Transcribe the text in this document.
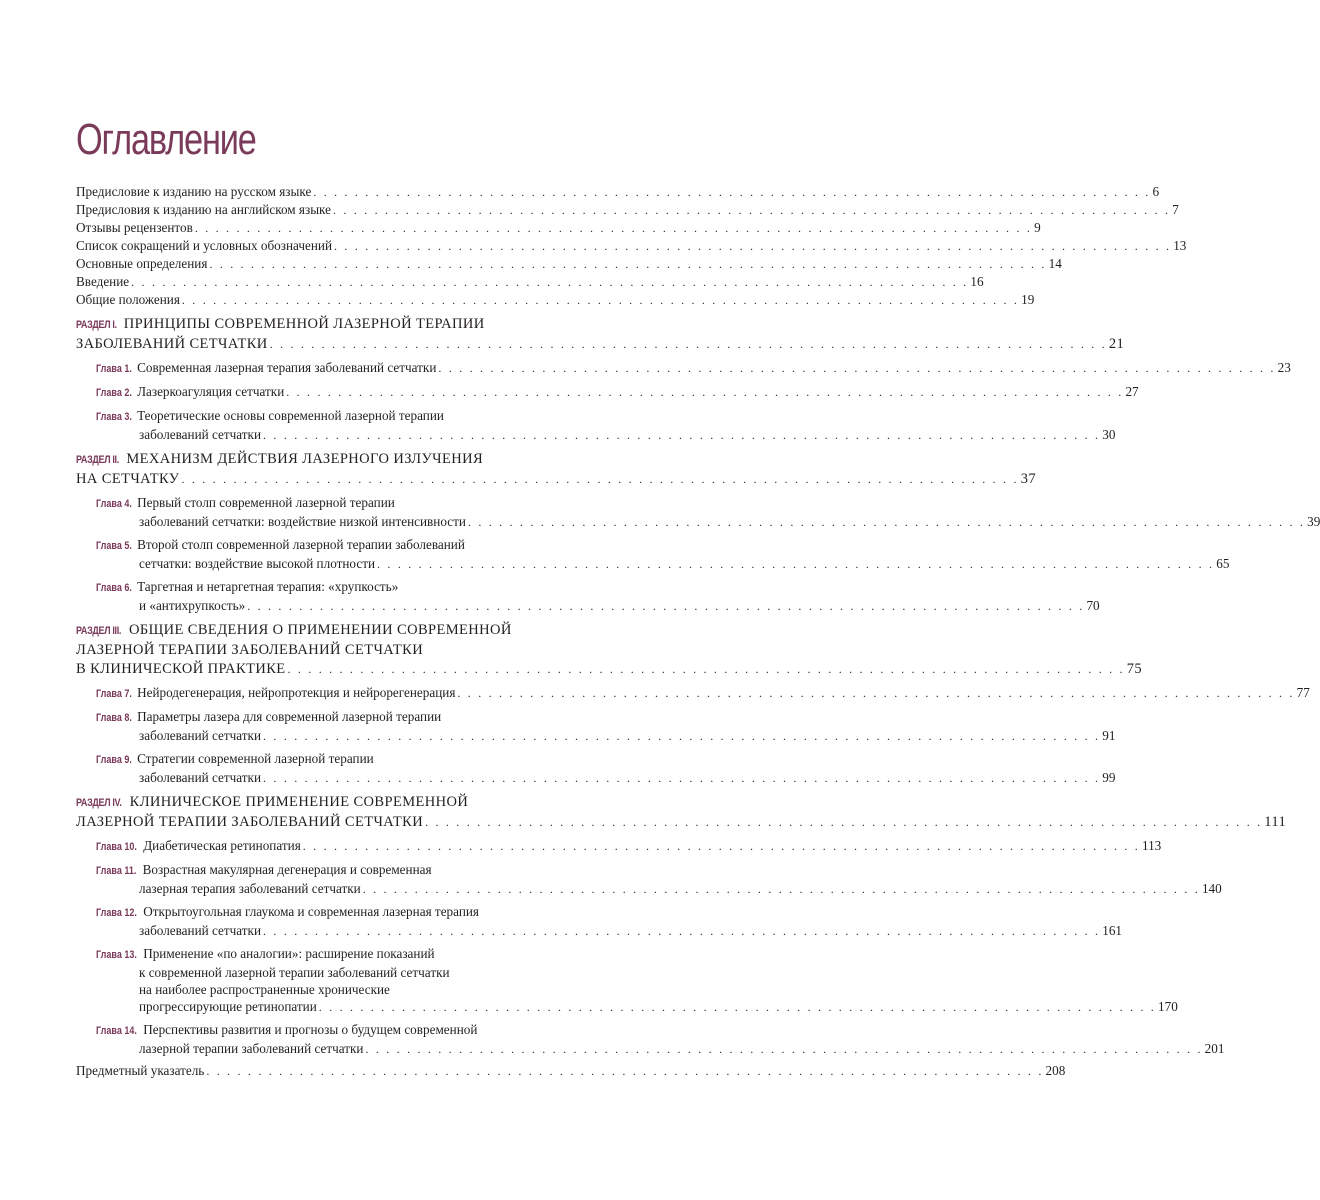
Оглавление
Предисловие к изданию на русском языке . . . . . . . . . . . . . . . . . . . . . . . . . . . . . . . . . . . . . . . . . . . . . . . . . . . . . . . . . . . . . . . . . . . . . . . . . . . . . . . . . 6
Предисловия к изданию на английском языке . . . . . . . . . . . . . . . . . . . . . . . . . . . . . . . . . . . . . . . . . . . . . . . . . . . . . . . . . . . . . . . . . . . . . . . . . . . . . . . . . 7
Отзывы рецензентов . . . . . . . . . . . . . . . . . . . . . . . . . . . . . . . . . . . . . . . . . . . . . . . . . . . . . . . . . . . . . . . . . . . . . . . . . . . . . . . . . 9
Список сокращений и условных обозначений . . . . . . . . . . . . . . . . . . . . . . . . . . . . . . . . . . . . . . . . . . . . . . . . . . . . . . . . . . . . . . . . . . . . . . . . . . . . . . . . . 13
Основные определения . . . . . . . . . . . . . . . . . . . . . . . . . . . . . . . . . . . . . . . . . . . . . . . . . . . . . . . . . . . . . . . . . . . . . . . . . . . . . . . . . 14
Введение . . . . . . . . . . . . . . . . . . . . . . . . . . . . . . . . . . . . . . . . . . . . . . . . . . . . . . . . . . . . . . . . . . . . . . . . . . . . . . . . . 16
Общие положения . . . . . . . . . . . . . . . . . . . . . . . . . . . . . . . . . . . . . . . . . . . . . . . . . . . . . . . . . . . . . . . . . . . . . . . . . . . . . . . . . 19
РАЗДЕЛ I. ПРИНЦИПЫ СОВРЕМЕННОЙ ЛАЗЕРНОЙ ТЕРАПИИ
ЗАБОЛЕВАНИЙ СЕТЧАТКИ . . . . . . . . . . . . . . . . . . . . . . . . . . . . . . . . . . . . . . . . . . . . . . . . . . . . . . . . . . . . . . . . . . . . . . . . . . . . . . . . . 21
Глава 1. Современная лазерная терапия заболеваний сетчатки . . . . . . . . . . . . . . . . . . . . . . . . . . . . . . . . . . . . . . . . . . . . . . . . . . . . . . . . . . . . . . . . . . . . . . . . . . . . . . . . . 23
Глава 2. Лазеркоагуляция сетчатки . . . . . . . . . . . . . . . . . . . . . . . . . . . . . . . . . . . . . . . . . . . . . . . . . . . . . . . . . . . . . . . . . . . . . . . . . . . . . . . . . 27
Глава 3. Теоретические основы современной лазерной терапии
заболеваний сетчатки . . . . . . . . . . . . . . . . . . . . . . . . . . . . . . . . . . . . . . . . . . . . . . . . . . . . . . . . . . . . . . . . . . . . . . . . . . . . . . . . . 30
РАЗДЕЛ II. МЕХАНИЗМ ДЕЙСТВИЯ ЛАЗЕРНОГО ИЗЛУЧЕНИЯ
НА СЕТЧАТКУ . . . . . . . . . . . . . . . . . . . . . . . . . . . . . . . . . . . . . . . . . . . . . . . . . . . . . . . . . . . . . . . . . . . . . . . . . . . . . . . . . 37
Глава 4. Первый столп современной лазерной терапии
заболеваний сетчатки: воздействие низкой интенсивности . . . . . . . . . . . . . . . . . . . . . . . . . . . . . . . . . . . . . . . . . . . . . . . . . . . . . . . . . . . . . . . . . . . . . . . . . . . . . . . . . 39
Глава 5. Второй столп современной лазерной терапии заболеваний
сетчатки: воздействие высокой плотности . . . . . . . . . . . . . . . . . . . . . . . . . . . . . . . . . . . . . . . . . . . . . . . . . . . . . . . . . . . . . . . . . . . . . . . . . . . . . . . . . 65
Глава 6. Таргетная и нетаргетная терапия: «хрупкость»
и «антихрупкость» . . . . . . . . . . . . . . . . . . . . . . . . . . . . . . . . . . . . . . . . . . . . . . . . . . . . . . . . . . . . . . . . . . . . . . . . . . . . . . . . . 70
РАЗДЕЛ III. ОБЩИЕ СВЕДЕНИЯ О ПРИМЕНЕНИИ СОВРЕМЕННОЙ
ЛАЗЕРНОЙ ТЕРАПИИ ЗАБОЛЕВАНИЙ СЕТЧАТКИ
В КЛИНИЧЕСКОЙ ПРАКТИКЕ . . . . . . . . . . . . . . . . . . . . . . . . . . . . . . . . . . . . . . . . . . . . . . . . . . . . . . . . . . . . . . . . . . . . . . . . . . . . . . . . . 75
Глава 7. Нейродегенерация, нейропротекция и нейрорегенерация . . . . . . . . . . . . . . . . . . . . . . . . . . . . . . . . . . . . . . . . . . . . . . . . . . . . . . . . . . . . . . . . . . . . . . . . . . . . . . . . . 77
Глава 8. Параметры лазера для современной лазерной терапии
заболеваний сетчатки . . . . . . . . . . . . . . . . . . . . . . . . . . . . . . . . . . . . . . . . . . . . . . . . . . . . . . . . . . . . . . . . . . . . . . . . . . . . . . . . . 91
Глава 9. Стратегии современной лазерной терапии
заболеваний сетчатки . . . . . . . . . . . . . . . . . . . . . . . . . . . . . . . . . . . . . . . . . . . . . . . . . . . . . . . . . . . . . . . . . . . . . . . . . . . . . . . . . 99
РАЗДЕЛ IV. КЛИНИЧЕСКОЕ ПРИМЕНЕНИЕ СОВРЕМЕННОЙ
ЛАЗЕРНОЙ ТЕРАПИИ ЗАБОЛЕВАНИЙ СЕТЧАТКИ . . . . . . . . . . . . . . . . . . . . . . . . . . . . . . . . . . . . . . . . . . . . . . . . . . . . . . . . . . . . . . . . . . . . . . . . . . . . . . . . . 111
Глава 10. Диабетическая ретинопатия . . . . . . . . . . . . . . . . . . . . . . . . . . . . . . . . . . . . . . . . . . . . . . . . . . . . . . . . . . . . . . . . . . . . . . . . . . . . . . . . . 113
Глава 11. Возрастная макулярная дегенерация и современная
лазерная терапия заболеваний сетчатки . . . . . . . . . . . . . . . . . . . . . . . . . . . . . . . . . . . . . . . . . . . . . . . . . . . . . . . . . . . . . . . . . . . . . . . . . . . . . . . . . 140
Глава 12. Открытоугольная глаукома и современная лазерная терапия
заболеваний сетчатки . . . . . . . . . . . . . . . . . . . . . . . . . . . . . . . . . . . . . . . . . . . . . . . . . . . . . . . . . . . . . . . . . . . . . . . . . . . . . . . . . 161
Глава 13. Применение «по аналогии»: расширение показаний
к современной лазерной терапии заболеваний сетчатки
на наиболее распространенные хронические
прогрессирующие ретинопатии . . . . . . . . . . . . . . . . . . . . . . . . . . . . . . . . . . . . . . . . . . . . . . . . . . . . . . . . . . . . . . . . . . . . . . . . . . . . . . . . . 170
Глава 14. Перспективы развития и прогнозы о будущем современной
лазерной терапии заболеваний сетчатки . . . . . . . . . . . . . . . . . . . . . . . . . . . . . . . . . . . . . . . . . . . . . . . . . . . . . . . . . . . . . . . . . . . . . . . . . . . . . . . . . 201
Предметный указатель . . . . . . . . . . . . . . . . . . . . . . . . . . . . . . . . . . . . . . . . . . . . . . . . . . . . . . . . . . . . . . . . . . . . . . . . . . . . . . . . . 208
